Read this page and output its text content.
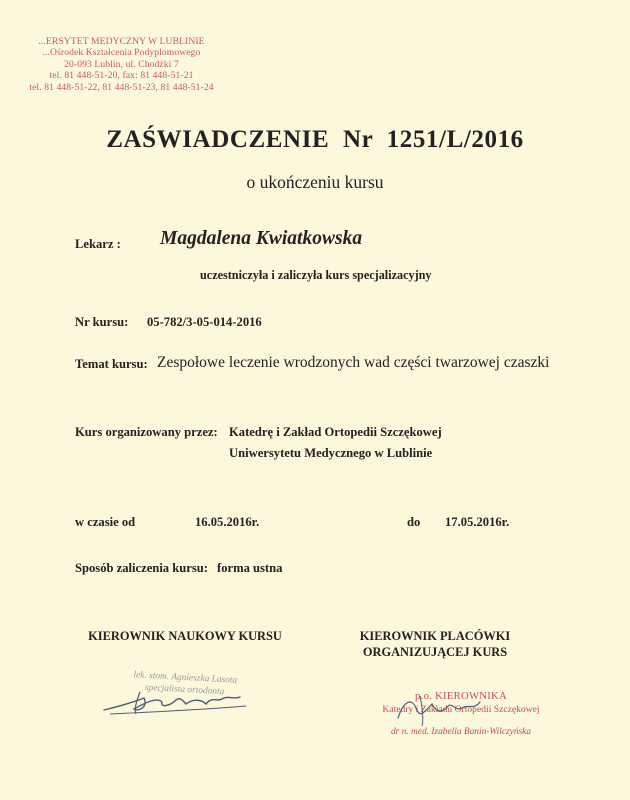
...ERSYTET MEDYCZNY W LUBLINIE
...Ośrodek Kształcenia Podyplomowego
20-093 Lublin, ul. Chodźki 7
tel. 81 448-51-20, fax: 81 448-51-21
tel. 81 448-51-22, 81 448-51-23, 81 448-51-24
ZAŚWIADCZENIE  Nr  1251/L/2016
o ukończeniu kursu
Lekarz : Magdalena Kwiatkowska
uczestniczyła i zaliczyła kurs specjalizacyjny
Nr kursu: 05-782/3-05-014-2016
Temat kursu: Zespołowe leczenie wrodzonych wad części twarzowej czaszki
Kurs organizowany przez: Katedrę i Zakład Ortopedii Szczękowej
Uniwersytetu Medycznego w Lublinie
w czasie od	16.05.2016r.	do 17.05.2016r.
Sposób zaliczenia kursu: forma ustna
KIEROWNIK NAUKOWY KURSU	KIEROWNIK PLACÓWKI
ORGANIZUJĄCEJ KURS
lek. stom. Agnieszka Lasota
specjalista ortodonta	p.o. KIEROWNIKA
Katedry i Zakładu Ortopedii Szczękowej
dr n. med. Izabella Banin-Wilczyńska
